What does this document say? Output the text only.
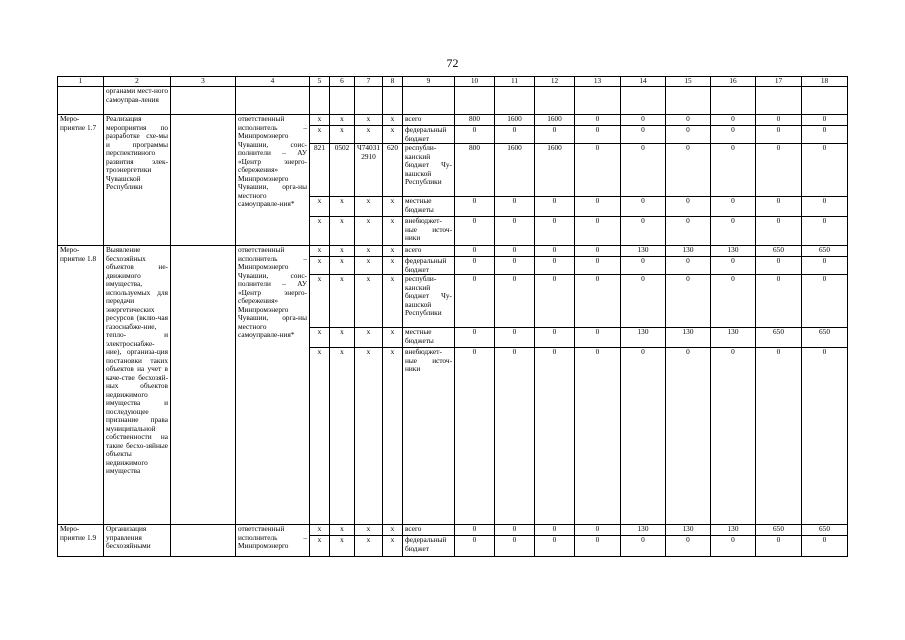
72
1	2	3	4	5	6	7	8	9	10	11	12	13	14	15	16	17	18
	органами мест-ного самоуправ-ления																
Меро-приятие 1.7	Реализация мероприятия по разработке схе-мы и программы перспективного развития элек-троэнергетики Чувашской Республики		ответственный исполнитель – Минпромэнерго Чувашии, соис-полнители – АУ «Центр энерго-сбережения» Минпромэнерго Чувашии, орга-ны местного самоуправле-ния*	x	x	x	x	всего	800	1600	1600	0	0	0	0	0	0
				x	x	x	x	федеральный бюджет	0	0	0	0	0	0	0	0	0
				821	0502	Ч74031 2910	620	республи-канский бюджет Чу-вашской Республики	800	1600	1600	0	0	0	0	0	0
				x	x	x	x	местные бюджеты	0	0	0	0	0	0	0	0	0
				x	x	x	x	внебюджет-ные источ-ники	0	0	0	0	0	0	0	0	0
Меро-приятие 1.8	Выявление бесхозяйных объектов не-движимого имущества, используемых для передачи энергетических ресурсов (вклю-чая газоснабже-ние, тепло- и электроснабже-ние), организа-ция постановки таких объектов на учет в каче-стве бесхозяй-ных объектов недвижимого имущества и последующее признание права муниципальной собственности на такие бесхо-зяйные объекты недвижимого имущества		ответственный исполнитель – Минпромэнерго Чувашии, соис-полнители – АУ «Центр энерго-сбережения» Минпромэнерго Чувашии, орга-ны местного самоуправле-ния*	x	x	x	x	всего	0	0	0	0	130	130	130	650	650
				x	x	x	x	федеральный бюджет	0	0	0	0	0	0	0	0	0
				x	x	x	x	республи-канский бюджет Чу-вашской Республики	0	0	0	0	0	0	0	0	0
				x	x	x	x	местные бюджеты	0	0	0	0	130	130	130	650	650
				x	x	x	x	внебюджет-ные источ-ники	0	0	0	0	0	0	0	0	0
Меро-приятие 1.9	Организация управления бесхозяйными		ответственный исполнитель – Минпромэнерго	x	x	x	x	всего	0	0	0	0	130	130	130	650	650
				x	x	x	x	федеральный бюджет	0	0	0	0	0	0	0	0	0
